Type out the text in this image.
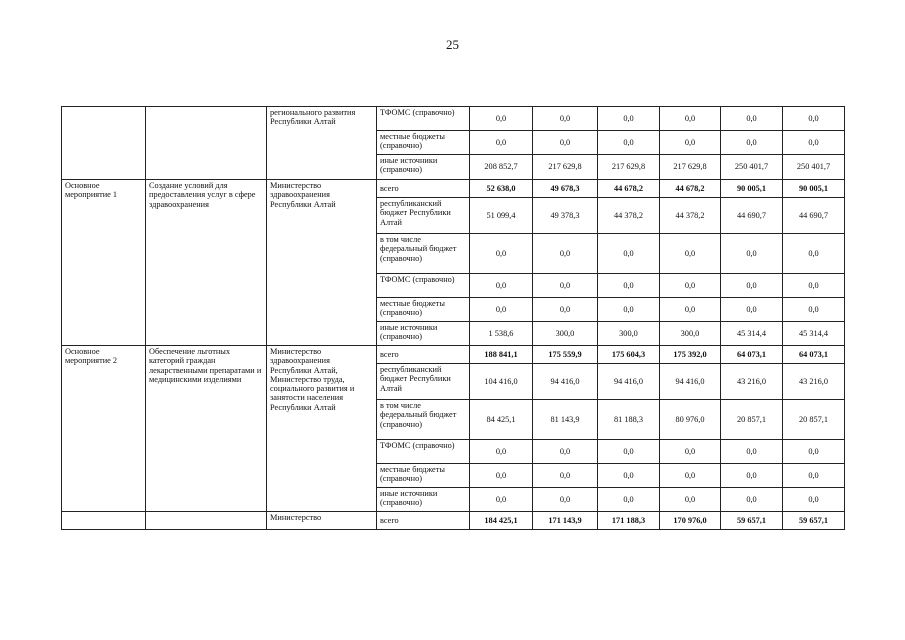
25
		регионального развития Республики Алтай	ТФОМС (справочно)	0,0	0,0	0,0	0,0	0,0	0,0
			местные бюджеты (справочно)	0,0	0,0	0,0	0,0	0,0	0,0
			иные источники (справочно)	208 852,7	217 629,8	217 629,8	217 629,8	250 401,7	250 401,7
Основное мероприятие 1	Создание условий для предоставления услуг в сфере здравоохранения	Министерство здравоохранения Республики Алтай	всего	52 638,0	49 678,3	44 678,2	44 678,2	90 005,1	90 005,1
			республиканский бюджет Республики Алтай	51 099,4	49 378,3	44 378,2	44 378,2	44 690,7	44 690,7
			в том числе федеральный бюджет (справочно)	0,0	0,0	0,0	0,0	0,0	0,0
			ТФОМС (справочно)	0,0	0,0	0,0	0,0	0,0	0,0
			местные бюджеты (справочно)	0,0	0,0	0,0	0,0	0,0	0,0
			иные источники (справочно)	1 538,6	300,0	300,0	300,0	45 314,4	45 314,4
Основное мероприятие 2	Обеспечение льготных категорий граждан лекарственными препаратами и медицинскими изделиями	Министерство здравоохранения Республики Алтай, Министерство труда, социального развития и занятости населения Республики Алтай	всего	188 841,1	175 559,9	175 604,3	175 392,0	64 073,1	64 073,1
			республиканский бюджет Республики Алтай	104 416,0	94 416,0	94 416,0	94 416,0	43 216,0	43 216,0
			в том числе федеральный бюджет (справочно)	84 425,1	81 143,9	81 188,3	80 976,0	20 857,1	20 857,1
			ТФОМС (справочно)	0,0	0,0	0,0	0,0	0,0	0,0
			местные бюджеты (справочно)	0,0	0,0	0,0	0,0	0,0	0,0
			иные источники (справочно)	0,0	0,0	0,0	0,0	0,0	0,0
		Министерство	всего	184 425,1	171 143,9	171 188,3	170 976,0	59 657,1	59 657,1
